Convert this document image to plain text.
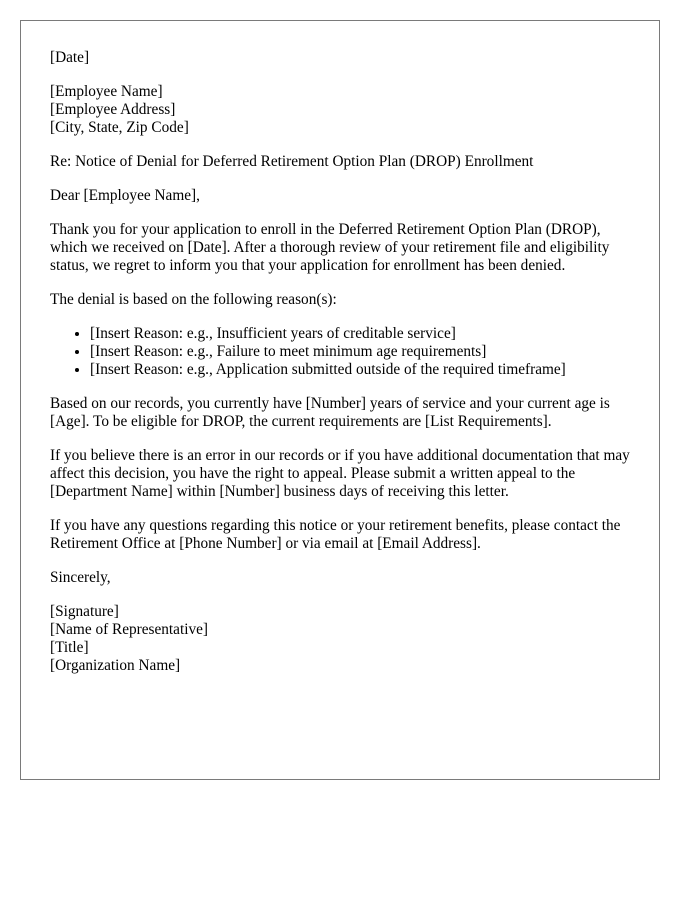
[Date]

[Employee Name]
[Employee Address]
[City, State, Zip Code]

Re: Notice of Denial for Deferred Retirement Option Plan (DROP) Enrollment

Dear [Employee Name],

Thank you for your application to enroll in the Deferred Retirement Option Plan (DROP), which we received on [Date]. After a thorough review of your retirement file and eligibility status, we regret to inform you that your application for enrollment has been denied.

The denial is based on the following reason(s):

• [Insert Reason: e.g., Insufficient years of creditable service]
• [Insert Reason: e.g., Failure to meet minimum age requirements]
• [Insert Reason: e.g., Application submitted outside of the required timeframe]

Based on our records, you currently have [Number] years of service and your current age is [Age]. To be eligible for DROP, the current requirements are [List Requirements].

If you believe there is an error in our records or if you have additional documentation that may affect this decision, you have the right to appeal. Please submit a written appeal to the [Department Name] within [Number] business days of receiving this letter.

If you have any questions regarding this notice or your retirement benefits, please contact the Retirement Office at [Phone Number] or via email at [Email Address].

Sincerely,

[Signature]
[Name of Representative]
[Title]
[Organization Name]
